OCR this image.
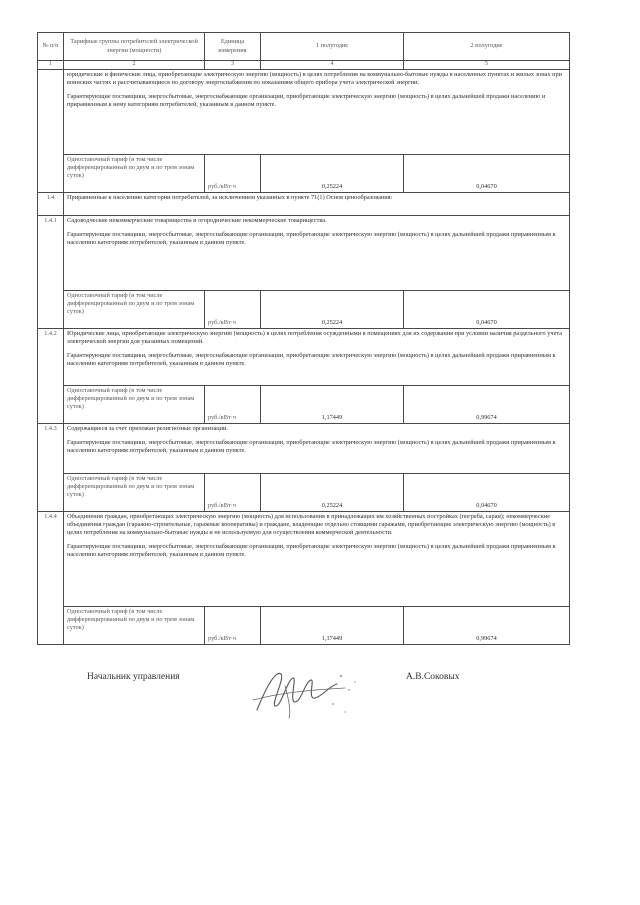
№ п/п	Тарифные группы потребителей электрической энергии (мощности)	Единица измерения	1 полугодие	2 полугодие
1	2	3	4	5

	юридические и физические лица, приобретающие электрическую энергию (мощность) в целях потребления на коммунально-бытовые нужды в населенных пунктах и жилых зонах при воинских частях и рассчитывающиеся по договору энергоснабжения по показаниям общего прибора учета электрической энергии.

Гарантирующие поставщики, энергосбытовые, энергоснабжающие организации, приобретающие электрическую энергию (мощность) в целях дальнейшей продажи населению и приравненным к нему категориям потребителей, указанным в данном пункте.			

	Одноставочный тариф (в том числе дифференцированный по двум и по трем зонам суток)	руб./кВт·ч	0,25224	0,04670
1.4	Приравненные к населению категории потребителей, за исключением указанных в пункте 71(1) Основ ценообразования:			
1.4.1	Садоводческие некоммерческие товарищества и огороднические некоммерческие товарищества.

Гарантирующие поставщики, энергосбытовые, энергоснабжающие организации, приобретающие электрическую энергию (мощность) в целях дальнейшей продажи приравненным к населению категориям потребителей, указанным в данном пункте.			

	Одноставочный тариф (в том числе дифференцированный по двум и по трем зонам суток)	руб./кВт·ч	0,25224	0,04670
1.4.2	Юридические лица, приобретающие электрическую энергию (мощность) в целях потребления осужденными в помещениях для их содержания при условии наличия раздельного учета электрической энергии для указанных помещений.

Гарантирующие поставщики, энергосбытовые, энергоснабжающие организации, приобретающие электрическую энергию (мощность) в целях дальнейшей продажи приравненным к населению категориям потребителей, указанным в данном пункте.			

	Одноставочный тариф (в том числе дифференцированный по двум и по трем зонам суток)	руб./кВт·ч	1,17449	0,99674
1.4.3	Содержащиеся за счет прихожан религиозные организации.

Гарантирующие поставщики, энергосбытовые, энергоснабжающие организации, приобретающие электрическую энергию (мощность) в целях дальнейшей продажи приравненным к населению категориям потребителей, указанным в данном пункте.			

	Одноставочный тариф (в том числе дифференцированный по двум и по трем зонам суток)	руб./кВт·ч	0,25224	0,04670
1.4.4	Объединения граждан, приобретающих электрическую энергию (мощность) для использования в принадлежащих им хозяйственных постройках (погреба, сараи); некоммерческие объединения граждан (гаражно-строительные, гаражные кооперативы) и граждане, владеющие отдельно стоящими гаражами, приобретающие электрическую энергию (мощность) в целях потребления на коммунально-бытовые нужды и не используемую для осуществления коммерческой деятельности.

Гарантирующие поставщики, энергосбытовые, энергоснабжающие организации, приобретающие электрическую энергию (мощность) в целях дальнейшей продажи приравненным к населению категориям потребителей, указанным в данном пункте.			

	Одноставочный тариф (в том числе дифференцированный по двум и по трем зонам суток)	руб./кВт·ч	1,17449	0,99674
Начальник управления	А.В.Соковых
